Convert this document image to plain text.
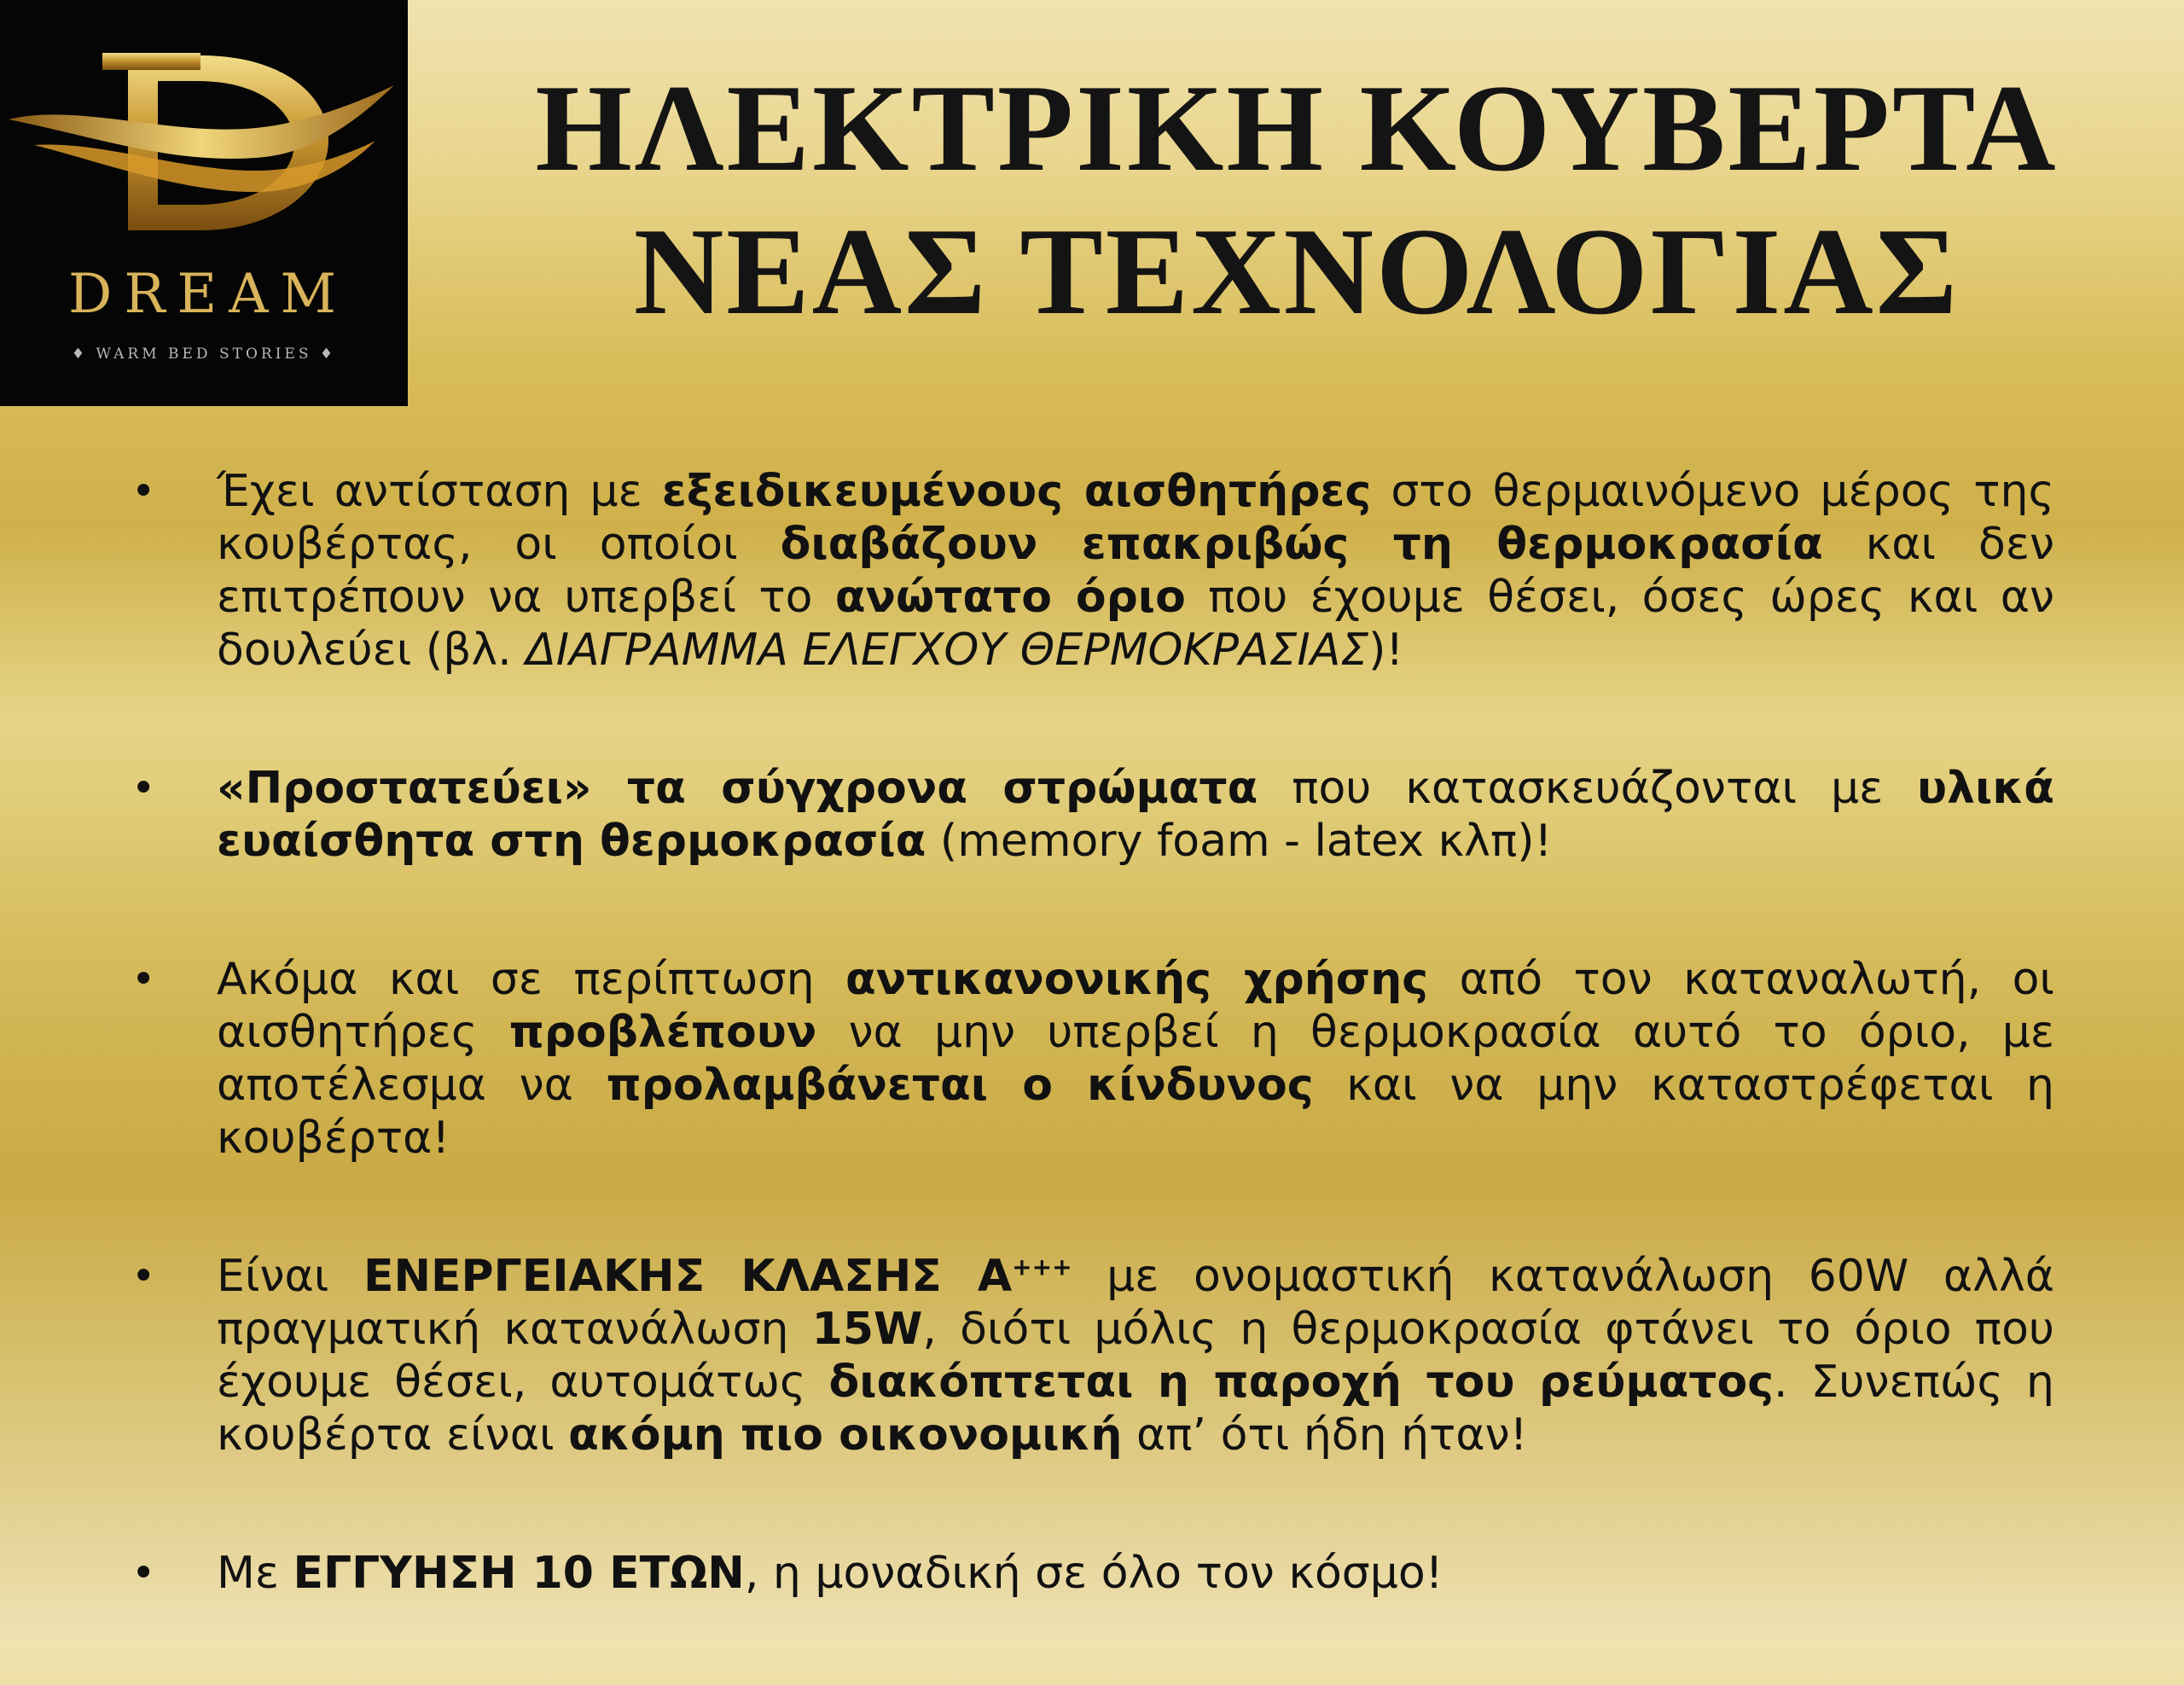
DREAM
♦ WARM BED STORIES ♦
ΗΛΕΚΤΡΙΚΗ ΚΟΥΒΕΡΤΑ
ΝΕΑΣ ΤΕΧΝΟΛΟΓΙΑΣ
• Έχει αντίσταση με εξειδικευμένους αισθητήρες στο θερμαινόμενο μέρος της κουβέρτας, οι οποίοι διαβάζουν επακριβώς τη θερμοκρασία και δεν επιτρέπουν να υπερβεί το ανώτατο όριο που έχουμε θέσει, όσες ώρες και αν δουλεύει (βλ. ΔΙΑΓΡΑΜΜΑ ΕΛΕΓΧΟΥ ΘΕΡΜΟΚΡΑΣΙΑΣ)!
• «Προστατεύει» τα σύγχρονα στρώματα που κατασκευάζονται με υλικά ευαίσθητα στη θερμοκρασία (memory foam - latex κλπ)!
• Ακόμα και σε περίπτωση αντικανονικής χρήσης από τον καταναλωτή, οι αισθητήρες προβλέπουν να μην υπερβεί η θερμοκρασία αυτό το όριο, με αποτέλεσμα να προλαμβάνεται ο κίνδυνος και να μην καταστρέφεται η κουβέρτα!
• Είναι ΕΝΕΡΓΕΙΑΚΗΣ ΚΛΑΣΗΣ Α+++ με ονομαστική κατανάλωση 60W αλλά πραγματική κατανάλωση 15W, διότι μόλις η θερμοκρασία φτάνει το όριο που έχουμε θέσει, αυτομάτως διακόπτεται η παροχή του ρεύματος. Συνεπώς η κουβέρτα είναι ακόμη πιο οικονομική απ’ ότι ήδη ήταν!
• Με ΕΓΓΥΗΣΗ 10 ΕΤΩΝ, η μοναδική σε όλο τον κόσμο!
